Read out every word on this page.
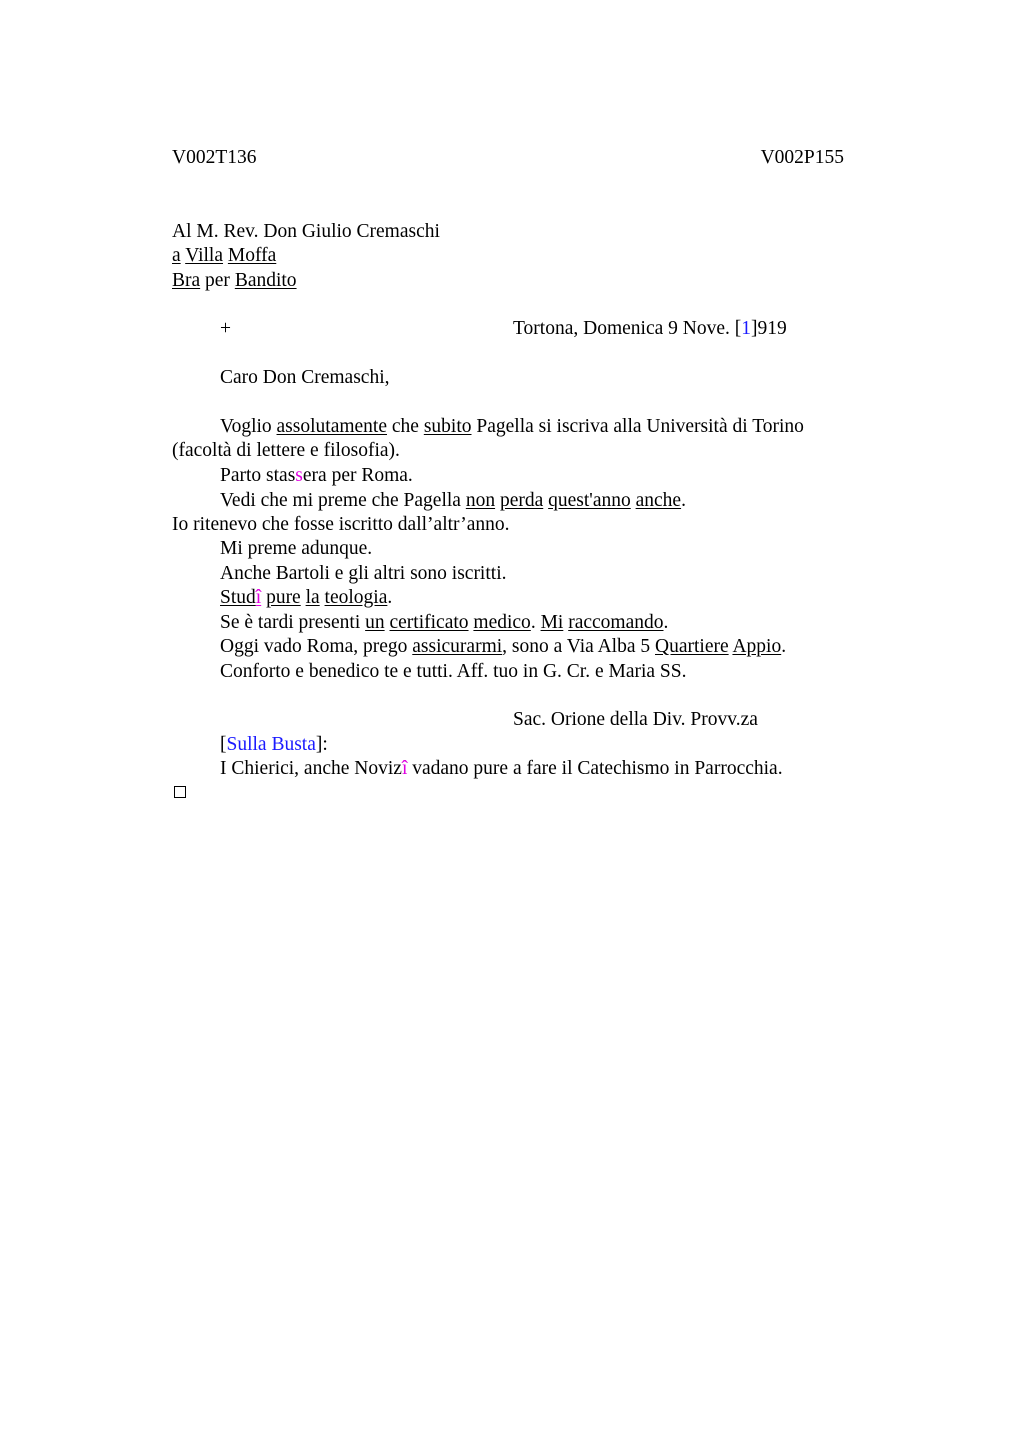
V002T136	V002P155
Al M. Rev. Don Giulio Cremaschi
a Villa Moffa
Bra per Bandito
+	Tortona, Domenica 9 Nove. [1]919
Caro Don Cremaschi,
Voglio assolutamente che subito Pagella si iscriva alla Università di Torino
(facoltà di lettere e filosofia).
Parto stassera per Roma.
Vedi che mi preme che Pagella non perda quest'anno anche.
Io ritenevo che fosse iscritto dall’altr’anno.
Mi preme adunque.
Anche Bartoli e gli altri sono iscritti.
Studî pure la teologia.
Se è tardi presenti un certificato medico. Mi raccomando.
Oggi vado Roma, prego assicurarmi, sono a Via Alba 5 Quartiere Appio.
Conforto e benedico te e tutti. Aff. tuo in G. Cr. e Maria SS.
Sac. Orione della Div. Provv.za
[Sulla Busta]:
I Chierici, anche Novizî vadano pure a fare il Catechismo in Parrocchia.
